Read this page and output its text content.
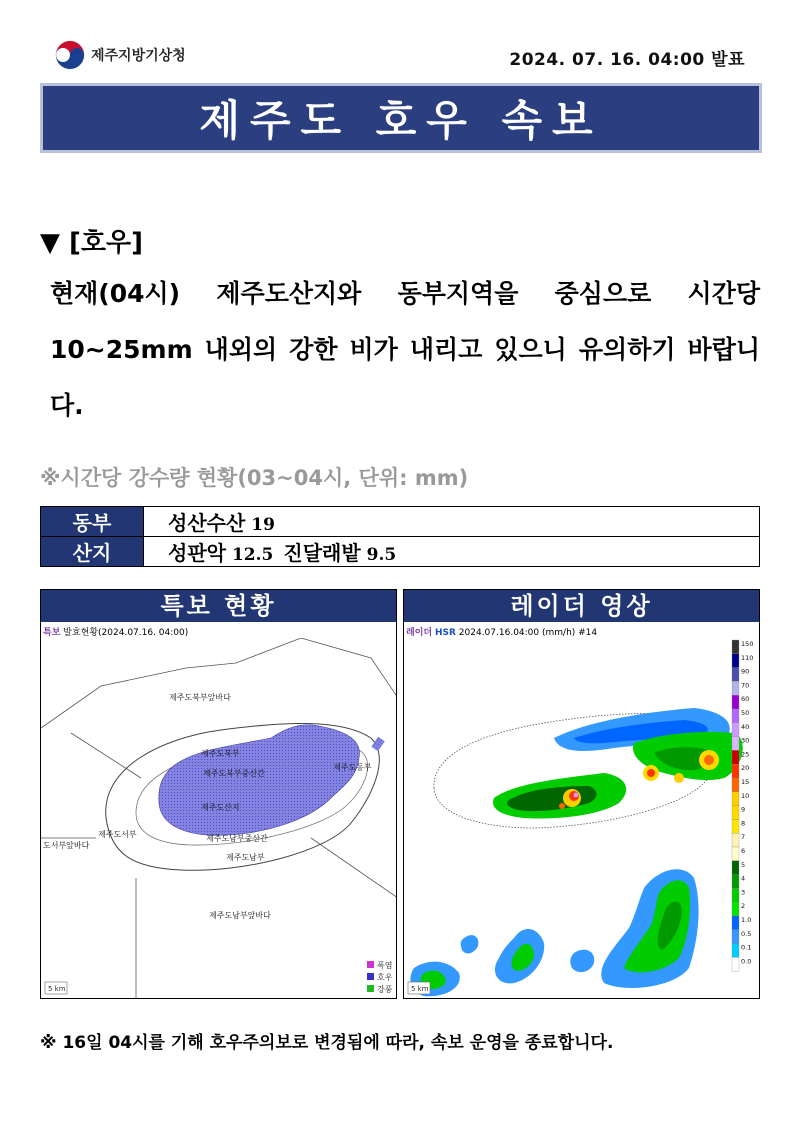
제주지방기상청	2024. 07. 16. 04:00 발표
제주도 호우 속보
▼ [호우]
현재(04시) 제주도산지와 동부지역을 중심으로 시간당 10~25mm 내외의 강한 비가 내리고 있으니 유의하기 바랍니다.
※시간당 강수량 현황(03~04시, 단위: mm)
동부	성산수산 19
산지	성판악 12.5 진달래밭 9.5
특보 현황
특보 발효현황(2024.07.16. 04:00)
제주도북부앞바다
제주도북부
제주도북부중산간
제주도동부
제주도산지
제주도서부
도서부앞바다
제주도남부중산간
제주도남부
제주도남부앞바다
폭염
호우
강풍
5 km
레이더 영상
레이더 HSR 2024.07.16.04:00 (mm/h) #14
150
110
90
70
60
50
40
30
25
20
15
10
9
8
7
6
5
4
3
2
1.0
0.5
0.1
0.0
5 km
※ 16일 04시를 기해 호우주의보로 변경됨에 따라, 속보 운영을 종료합니다.
